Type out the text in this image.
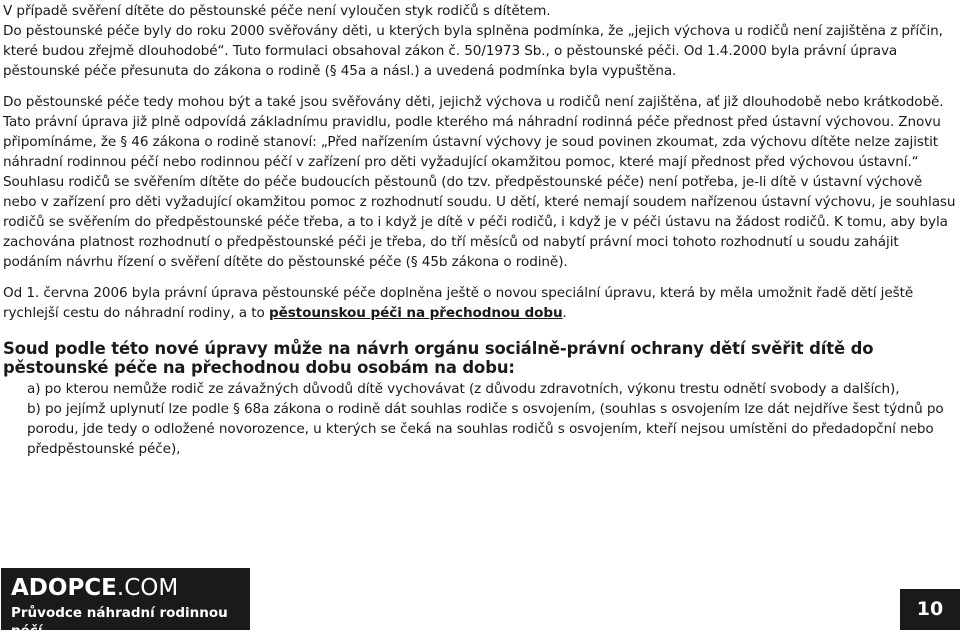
V případě svěření dítěte do pěstounské péče není vyloučen styk rodičů s dítětem.

Do pěstounské péče byly do roku 2000 svěřovány děti, u kterých byla splněna podmínka, že „jejich výchova u rodičů není zajištěna z příčin, které budou zřejmě dlouhodobé“. Tuto formulaci obsahoval zákon č. 50/1973 Sb., o pěstounské péči. Od 1.4.2000 byla právní úprava pěstounské péče přesunuta do zákona o rodině (§ 45a a násl.) a uvedená podmínka byla vypuštěna.

Do pěstounské péče tedy mohou být a také jsou svěřovány děti, jejichž výchova u rodičů není zajištěna, ať již dlouhodobě nebo krátkodobě. Tato právní úprava již plně odpovídá základnímu pravidlu, podle kterého má náhradní rodinná péče přednost před ústavní výchovou. Znovu připomínáme, že § 46 zákona o rodině stanoví: „Před nařízením ústavní výchovy je soud povinen zkoumat, zda výchovu dítěte nelze zajistit náhradní rodinnou péčí nebo rodinnou péčí v zařízení pro děti vyžadující okamžitou pomoc, které mají přednost před výchovou ústavní.“ Souhlasu rodičů se svěřením dítěte do péče budoucích pěstounů (do tzv. předpěstounské péče) není potřeba, je-li dítě v ústavní výchově nebo v zařízení pro děti vyžadující okamžitou pomoc z rozhodnutí soudu. U dětí, které nemají soudem nařízenou ústavní výchovu, je souhlasu rodičů se svěřením do předpěstounské péče třeba, a to i když je dítě v péči rodičů, i když je v péči ústavu na žádost rodičů. K tomu, aby byla zachována platnost rozhodnutí o předpěstounské péči je třeba, do tří měsíců od nabytí právní moci tohoto rozhodnutí u soudu zahájit podáním návrhu řízení o svěření dítěte do pěstounské péče (§ 45b zákona o rodině).

Od 1. června 2006 byla právní úprava pěstounské péče doplněna ještě o novou speciální úpravu, která by měla umožnit řadě dětí ještě rychlejší cestu do náhradní rodiny, a to pěstounskou péči na přechodnou dobu.

Soud podle této nové úpravy může na návrh orgánu sociálně-právní ochrany dětí svěřit dítě do pěstounské péče na přechodnou dobu osobám na dobu:

a) po kterou nemůže rodič ze závažných důvodů dítě vychovávat (z důvodu zdravotních, výkonu trestu odnětí svobody a dalších),
b) po jejímž uplynutí lze podle § 68a zákona o rodině dát souhlas rodiče s osvojením, (souhlas s osvojením lze dát nejdříve šest týdnů po porodu, jde tedy o odložené novorozence, u kterých se čeká na souhlas rodičů s osvojením, kteří nejsou umístěni do předadopční nebo předpěstounské péče),
ADOPCE.COM
Průvodce náhradní rodinnou péčí
10
